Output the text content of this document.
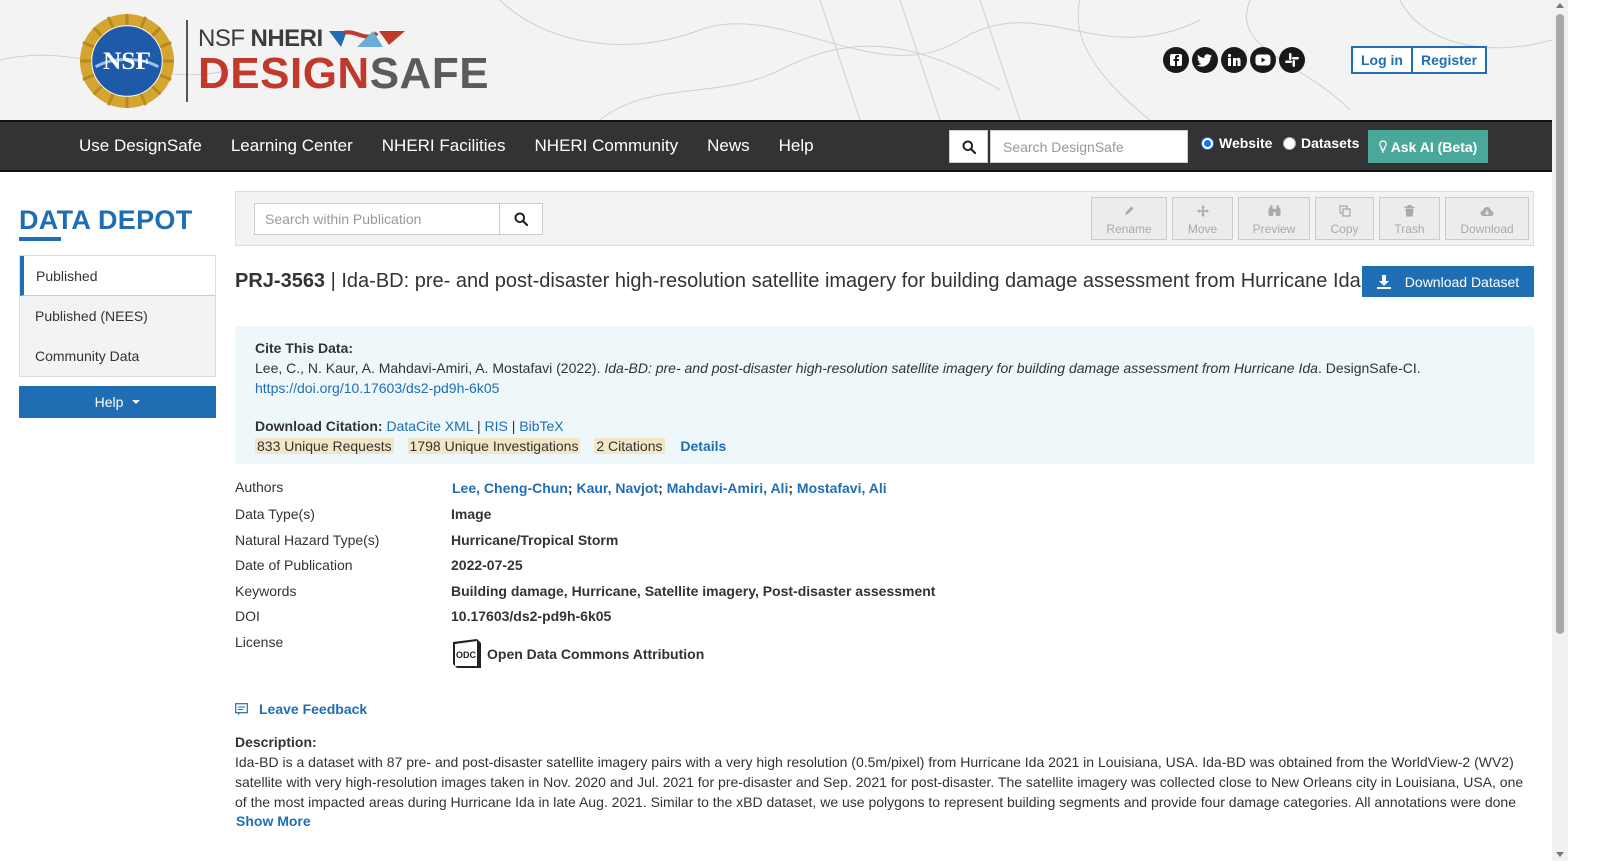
NSF
NSF NHERI
DESIGNSAFE	Log in	Register
Use DesignSafe Learning Center NHERI Facilities NHERI Community News Help
Search DesignSafe	Website Datasets Ask AI (Beta)
DATA DEPOT
Published
Published (NEES)
Community Data
Help
Search within Publication
Rename	Move	Preview	Copy	Trash	Download
PRJ-3563 | Ida-BD: pre- and post-disaster high-resolution satellite imagery for building damage assessment from Hurricane Ida	Download Dataset
Cite This Data:
Lee, C., N. Kaur, A. Mahdavi-Amiri, A. Mostafavi (2022). Ida-BD: pre- and post-disaster high-resolution satellite imagery for building damage assessment from Hurricane Ida. DesignSafe-CI.
https://doi.org/10.17603/ds2-pd9h-6k05
Download Citation: DataCite XML | RIS | BibTeX
833 Unique Requests 1798 Unique Investigations 2 Citations Details
Authors	Lee, Cheng-Chun; Kaur, Navjot; Mahdavi-Amiri, Ali; Mostafavi, Ali
Data Type(s)	Image
Natural Hazard Type(s)	Hurricane/Tropical Storm
Date of Publication	2022-07-25
Keywords	Building damage, Hurricane, Satellite imagery, Post-disaster assessment
DOI	10.17603/ds2-pd9h-6k05
License
ODC Open Data Commons Attribution
Leave Feedback
Description:
Ida-BD is a dataset with 87 pre- and post-disaster satellite imagery pairs with a very high resolution (0.5m/pixel) from Hurricane Ida 2021 in Louisiana, USA. Ida-BD was obtained from the WorldView-2 (WV2) satellite with very high-resolution images taken in Nov. 2020 and Jul. 2021 for pre-disaster and Sep. 2021 for post-disaster. The satellite imagery was collected close to New Orleans city in Louisiana, USA, one of the most impacted areas during Hurricane Ida in late Aug. 2021. Similar to the xBD dataset, we use polygons to represent building segments and provide four damage categories. All annotations were done
Show More
